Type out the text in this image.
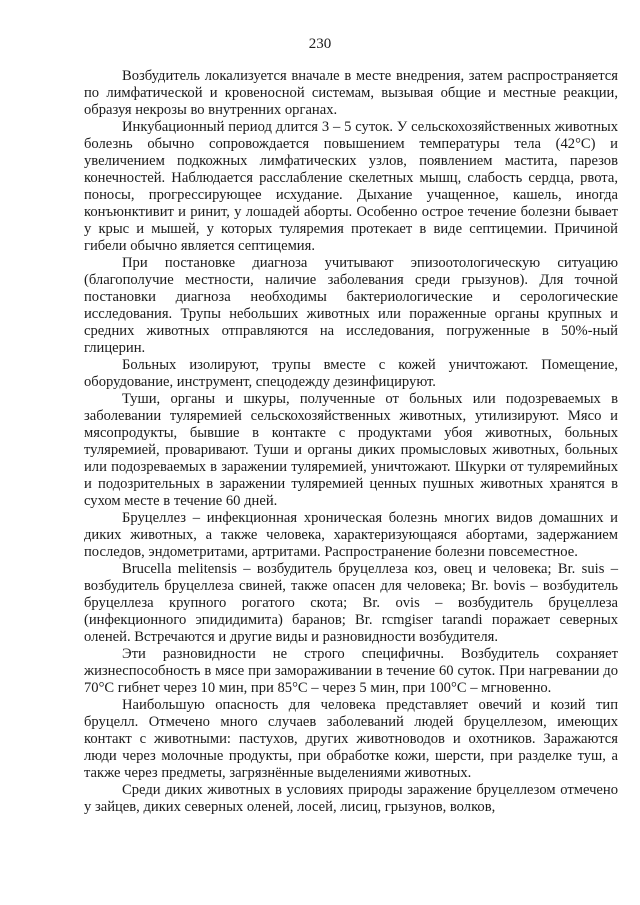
230

Возбудитель локализуется вначале в месте внедрения, затем распространяется по лимфатической и кровеносной системам, вызывая общие и местные реакции, образуя некрозы во внутренних органах.

Инкубационный период длится 3 – 5 суток. У сельскохозяйственных животных болезнь обычно сопровождается повышением температуры тела (42°С) и увеличением подкожных лимфатических узлов, появлением мастита, парезов конечностей. Наблюдается расслабление скелетных мышц, слабость сердца, рвота, поносы, прогрессирующее исхудание. Дыхание учащенное, кашель, иногда конъюнктивит и ринит, у лошадей аборты. Особенно острое течение болезни бывает у крыс и мышей, у которых туляремия протекает в виде септицемии. Причиной гибели обычно является септицемия.

При постановке диагноза учитывают эпизоотологическую ситуацию (благополучие местности, наличие заболевания среди грызунов). Для точной постановки диагноза необходимы бактериологические и серологические исследования. Трупы небольших животных или пораженные органы крупных и средних животных отправляются на исследования, погруженные в 50%-ный глицерин.

Больных изолируют, трупы вместе с кожей уничтожают. Помещение, оборудование, инструмент, спецодежду дезинфицируют.

Туши, органы и шкуры, полученные от больных или подозреваемых в заболевании туляремией сельскохозяйственных животных, утилизируют. Мясо и мясопродукты, бывшие в контакте с продуктами убоя животных, больных туляремией, проваривают. Туши и органы диких промысловых животных, больных или подозреваемых в заражении туляремией, уничтожают. Шкурки от туляремийных и подозрительных в заражении туляремией ценных пушных животных хранятся в сухом месте в течение 60 дней.

Бруцеллез – инфекционная хроническая болезнь многих видов домашних и диких животных, а также человека, характеризующаяся абортами, задержанием последов, эндометритами, артритами. Распространение болезни повсеместное.

Brucella melitensis – возбудитель бруцеллеза коз, овец и человека; Br. suis – возбудитель бруцеллеза свиней, также опасен для человека; Br. bovis – возбудитель бруцеллеза крупного рогатого скота; Br. ovis – возбудитель бруцеллеза (инфекционного эпидидимита) баранов; Br. rcmgiser tarandi поражает северных оленей. Встречаются и другие виды и разновидности возбудителя.

Эти разновидности не строго специфичны. Возбудитель сохраняет жизнеспособность в мясе при замораживании в течение 60 суток. При нагревании до 70°С гибнет через 10 мин, при 85°С – через 5 мин, при 100°С – мгновенно.

Наибольшую опасность для человека представляет овечий и козий тип бруцелл. Отмечено много случаев заболеваний людей бруцеллезом, имеющих контакт с животными: пастухов, других животноводов и охотников. Заражаются люди через молочные продукты, при обработке кожи, шерсти, при разделке туш, а также через предметы, загрязнённые выделениями животных.

Среди диких животных в условиях природы заражение бруцеллезом отмечено у зайцев, диких северных оленей, лосей, лисиц, грызунов, волков,
